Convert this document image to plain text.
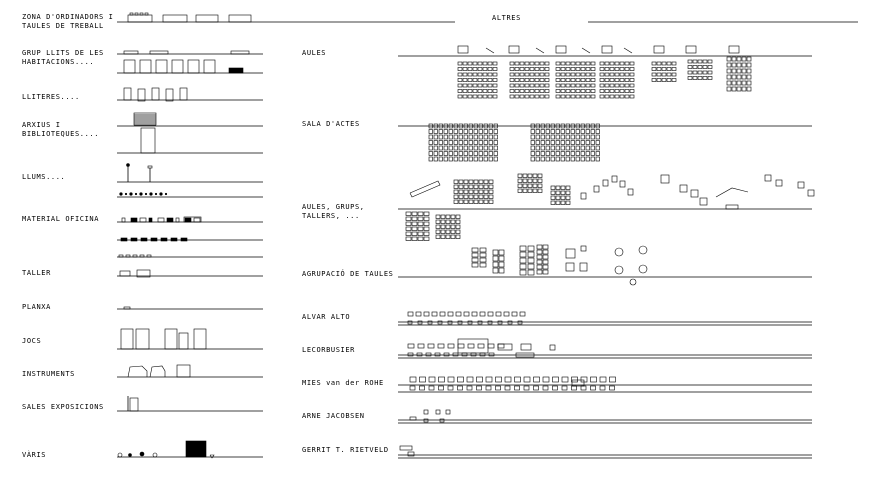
ALTRES
ZONA D'ORDINADORS I
TAULES DE TREBALL
GRUP LLITS DE LES
HABITACIONS....
LLITERES....
ARXIUS I
BIBLIOTEQUES....
LLUMS....
MATERIAL OFICINA
TALLER
PLANXA
JOCS
INSTRUMENTS
SALES EXPOSICIONS
VÀRIS
AULES
SALA D'ACTES
AULES, GRUPS,
TALLERS, ...
AGRUPACIÓ DE TAULES
ALVAR ALTO
LECORBUSIER
MIES van der ROHE
ARNE JACOBSEN
GERRIT T. RIETVELD
